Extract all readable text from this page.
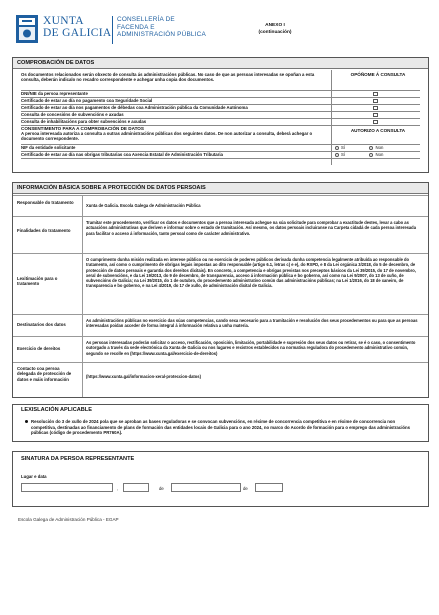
XUNTA
DE GALICIA
CONSELLERÍA DE
FACENDA E
ADMINISTRACIÓN PÚBLICA
ANEXO I
(continuación)
COMPROBACIÓN DE DATOS
Os documentos relacionados serán obxecto de consulta ás administracións públicas. No caso de que as persoas interesadas se opoñan a esta consulta, deberán indicalo no recadro correspondente e achegar unha copia dos documentos.
OPÓÑOME Á CONSULTA
DNI/NIE da persoa representante
Certificado de estar ao día no pagamento coa Seguridade Social
Certificado de estar ao día nos pagamentos de débedas coa Administración pública da Comunidade Autónoma
Consulta de concesións de subvencións e axudas
Consulta de inhabilitacións para obter subvencións e axudas
CONSENTIMENTO PARA A COMPROBACIÓN DE DATOS
A persoa interesada autoriza a consulta a outras administracións públicas dos seguintes datos. De non autorizar a consulta, deberá achegar o documento correspondente.
AUTORIZO A CONSULTA
NIF da entidade solicitante	Sí	Non
Certificado de estar ao día nas obrigas tributarias coa Axencia Estatal de Administración Tributaria	Sí	Non
INFORMACIÓN BÁSICA SOBRE A PROTECCIÓN DE DATOS PERSOAIS
Responsable do tratamento
Xunta de Galicia. Escola Galega de Administración Pública
Finalidades do tratamento
Tramitar este procedemento, verificar os datos e documentos que a persoa interesada achegue na súa solicitude para comprobar a exactitude destes, levar a cabo as actuacións administrativas que deriven e informar sobre o estado de tramitación. Así mesmo, os datos persoais incluiranse na Carpeta cidadá de cada persoa interesada para facilitar o acceso á información, tanto persoal como de carácter administrativo.
Lexitimación para o tratamento
O cumprimento dunha misión realizada en interese público ou no exercicio de poderes públicos derivada dunha competencia legalmente atribuída ao responsable do tratamento, así como o cumprimento de obrigas legais impostas ao dito responsable (artigo 6.1, letras c) e e), do RXPD, e 8 da Lei orgánica 3/2018, do 5 de decembro, de protección de datos persoais e garantía dos dereitos dixitais). En concreto, a competencia e obrigas previstas nos preceptos básicos da Lei 39/2015, do 17 de novembro, xeral de subvencións, e da Lei 19/2013, do 9 de decembro, de transparencia, acceso á información pública e bo goberno, así como na Lei 9/2007, do 13 de xuño, de subvencións de Galicia; na Lei 39/2015, do 1 de outubro, do procedemento administrativo común das administracións públicas; na Lei 1/2016, do 18 de xaneiro, de transparencia e bo goberno, e na Lei 4/2019, do 17 de xullo, de administración dixital de Galicia.
Destinatarios dos datos
As administracións públicas no exercicio das súas competencias, cando sexa necesario para a tramitación e resolución dos seus procedementos ou para que as persoas interesadas poidan acceder de forma integral á información relativa a unha materia.
Exercicio de dereitos
As persoas interesadas poderán solicitar o acceso, rectificación, oposición, limitación, portabilidade e supresión dos seus datos ou retirar, se é o caso, o consentimento outorgado a través da sede electrónica da Xunta de Galicia ou nos lugares e rexistros establecidos na normativa reguladora do procedemento administrativo común, segundo se recolle en (https://www.xunta.gal/exercicio-de-dereitos)
Contacto coa persoa delegada de protección de datos e máis información
(https://www.xunta.gal/informacion-xeral-proteccion-datos)
LEXISLACIÓN APLICABLE
Resolución do 3 de xullo de 2024 pola que se aproban as bases reguladoras e se convocan subvencións, en réxime de concorrencia competitiva e en réxime de concorrencia non competitiva, destinadas ao financiamento de plans de formación das entidades locais de Galicia para o ano 2024, no marco do Acordo de formación para o emprego das administracións públicas (código de procedemento PR760A).
SINATURA DA PERSOA REPRESENTANTE
Lugar e data
,	de	de
Escola Galega de Administración Pública - EGAP
